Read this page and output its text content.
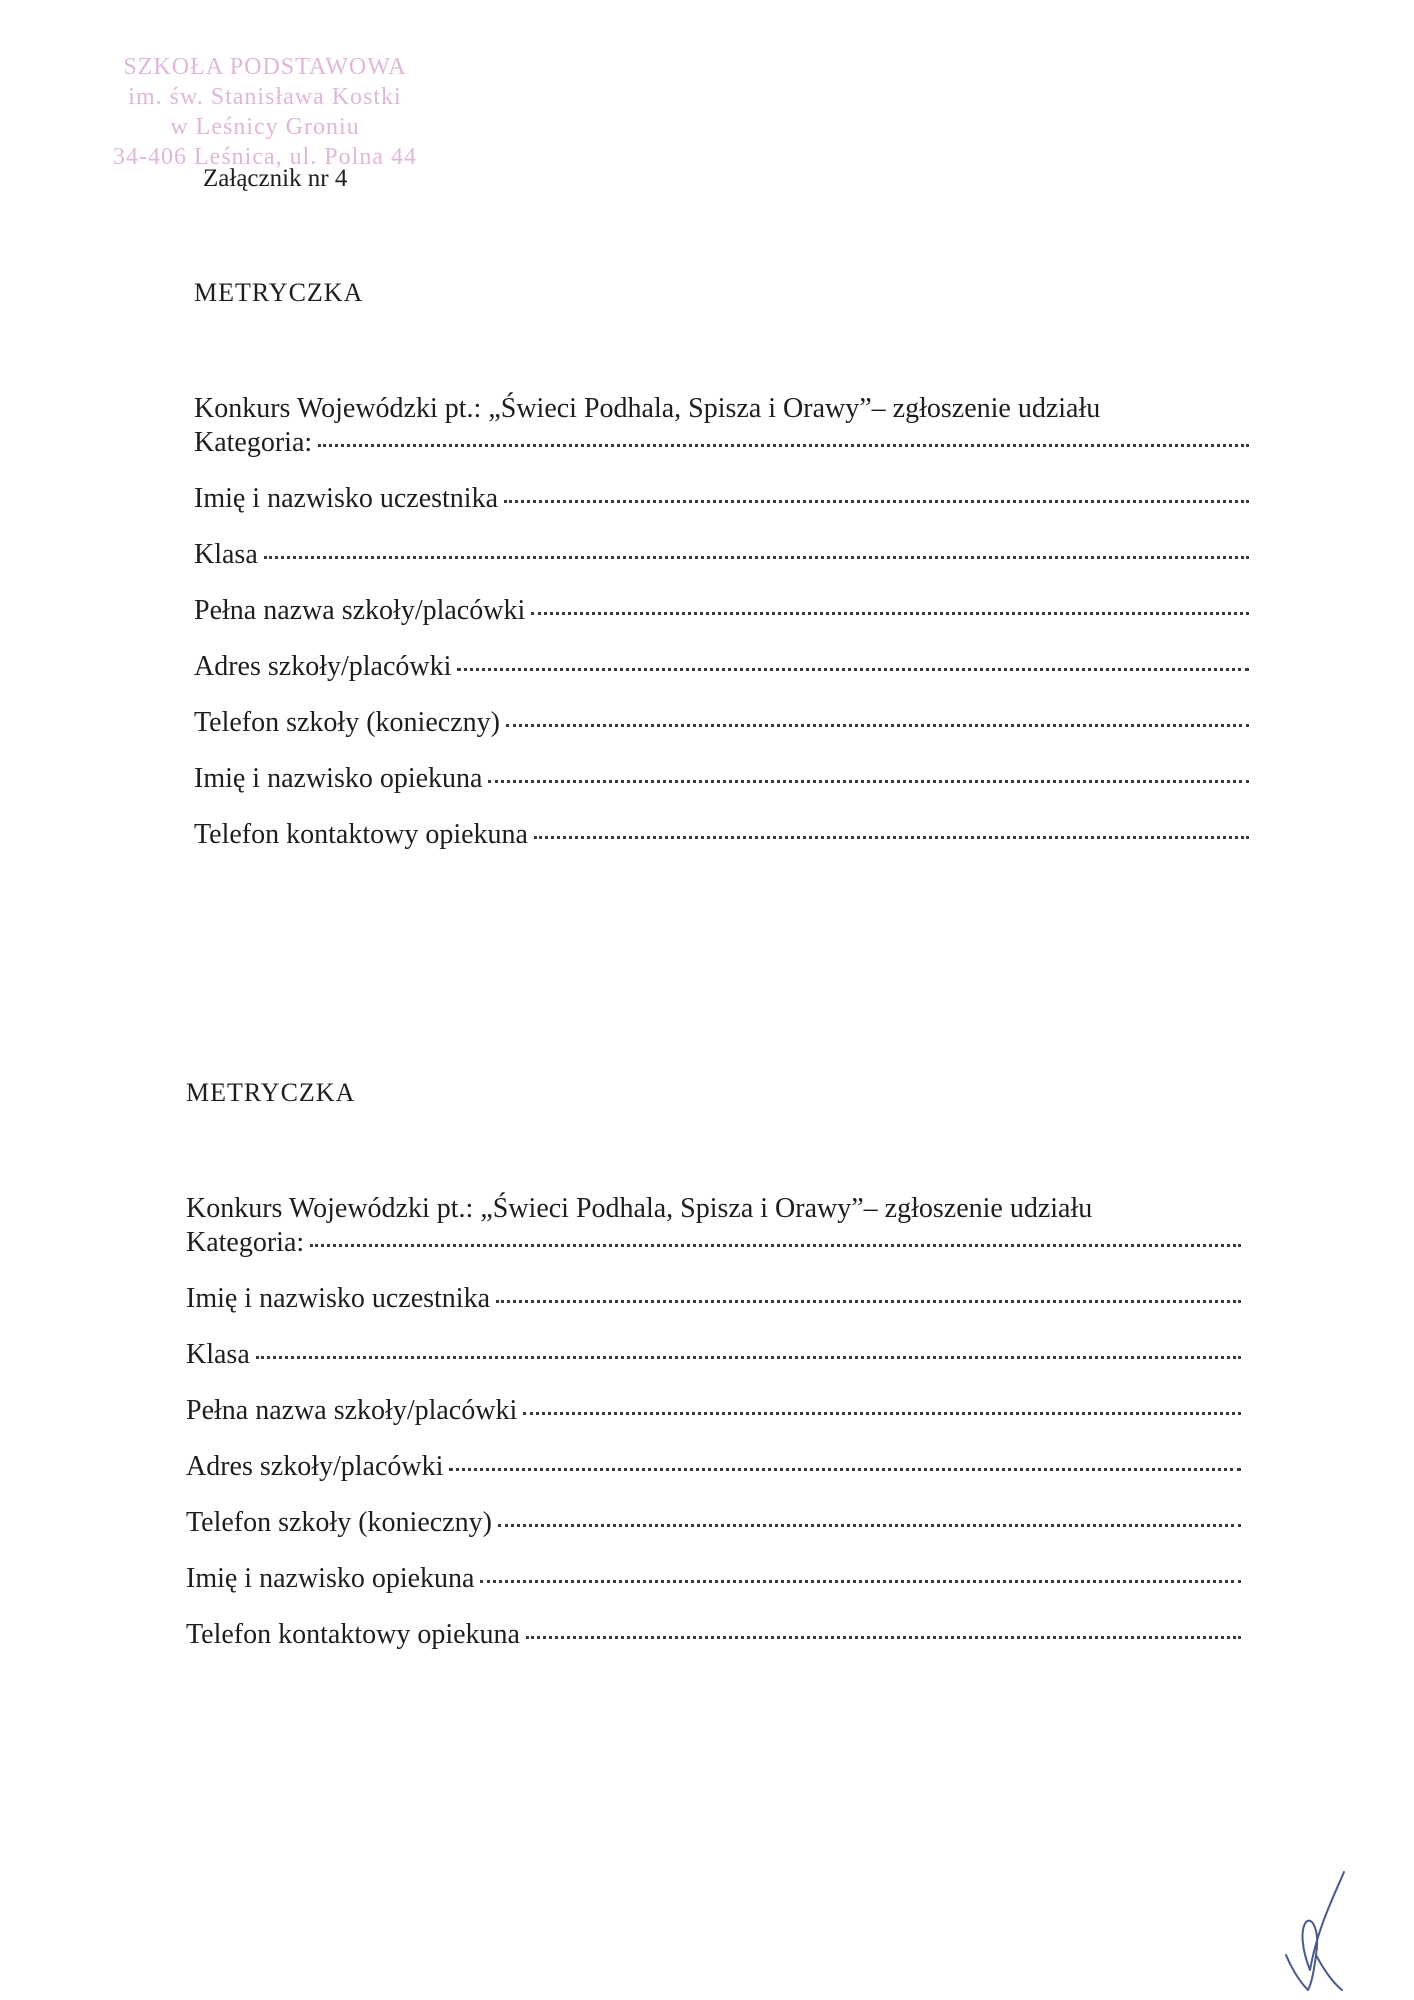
SZKOŁA PODSTAWOWA
im. św. Stanisława Kostki
w Leśnicy Groniu
34-406 Leśnica, ul. Polna 44
Załącznik nr 4
METRYCZKA
Konkurs Wojewódzki pt.: „Świeci Podhala, Spisza i Orawy”– zgłoszenie udziału
Kategoria:
Imię i nazwisko uczestnika
Klasa
Pełna nazwa szkoły/placówki
Adres szkoły/placówki
Telefon szkoły (konieczny)
Imię i nazwisko opiekuna
Telefon kontaktowy opiekuna
METRYCZKA
Konkurs Wojewódzki pt.: „Świeci Podhala, Spisza i Orawy”– zgłoszenie udziału
Kategoria:
Imię i nazwisko uczestnika
Klasa
Pełna nazwa szkoły/placówki
Adres szkoły/placówki
Telefon szkoły (konieczny)
Imię i nazwisko opiekuna
Telefon kontaktowy opiekuna
